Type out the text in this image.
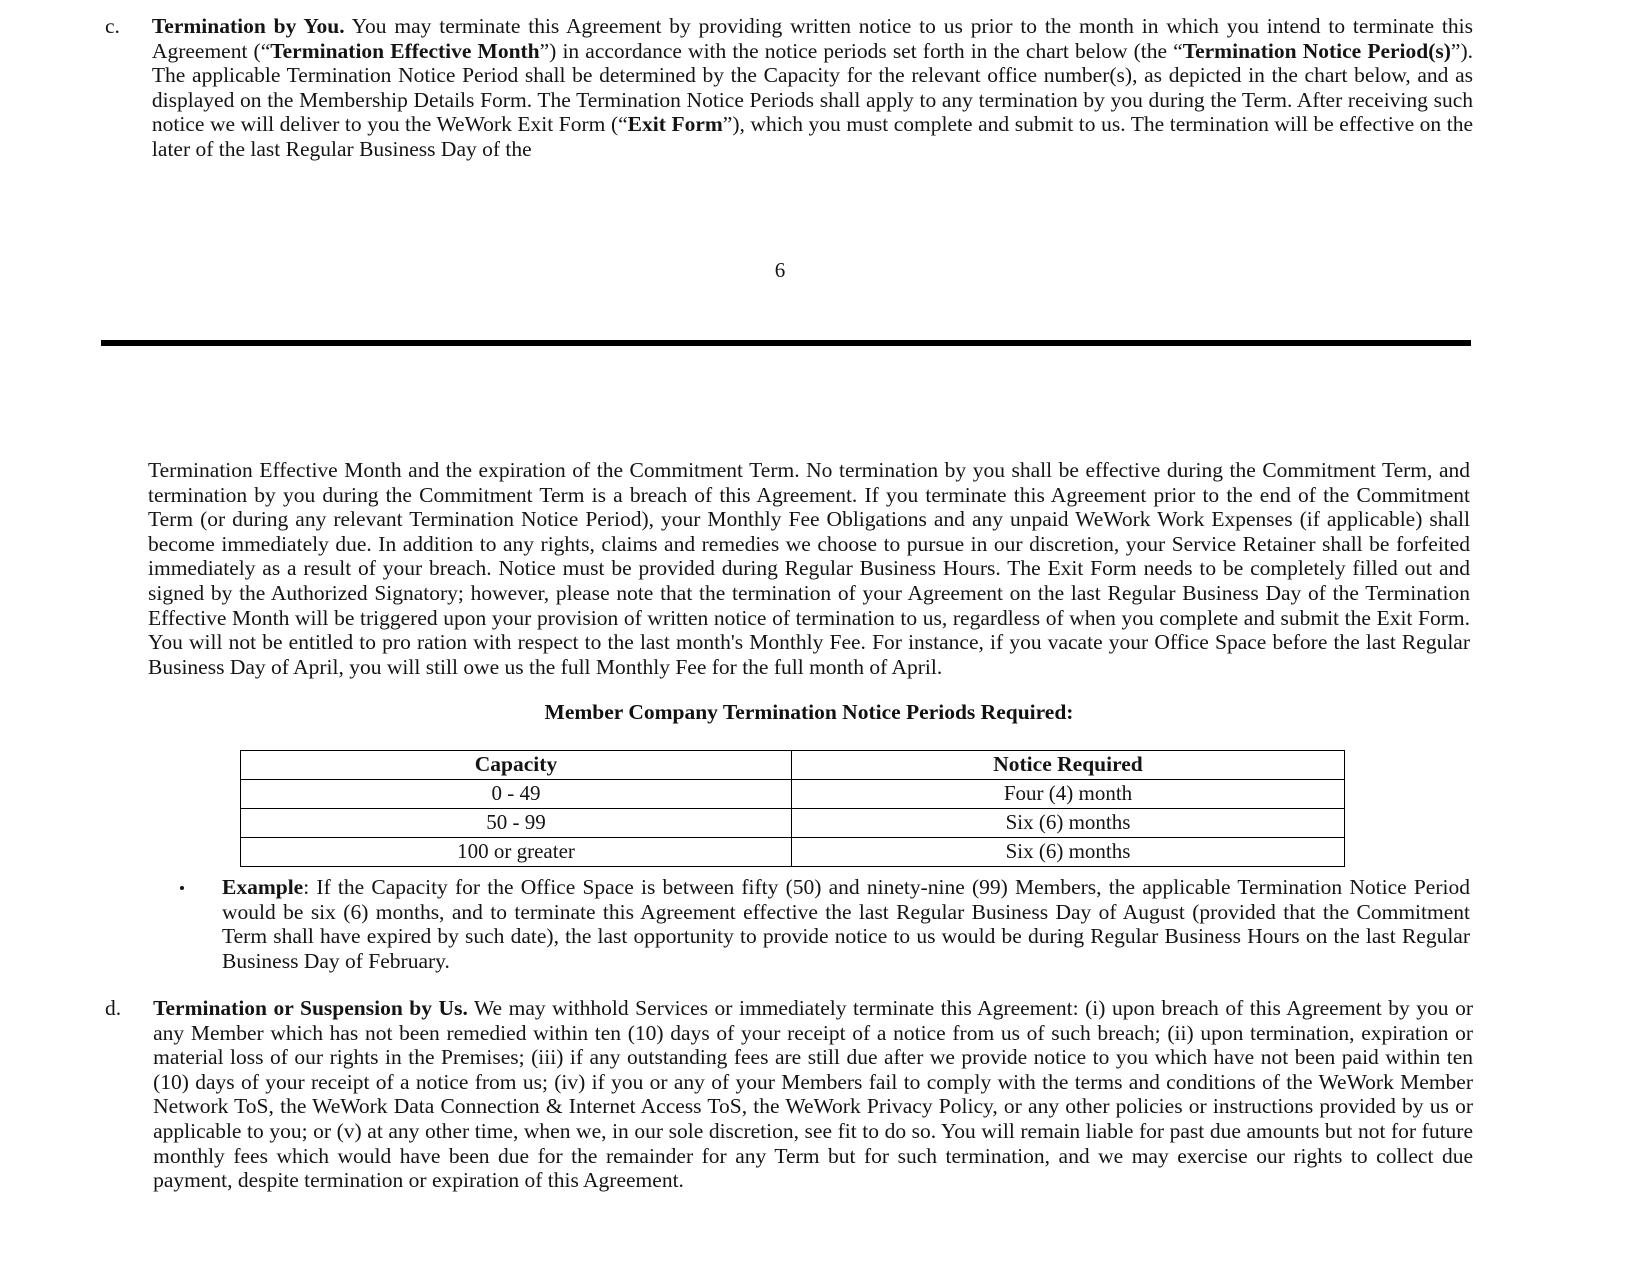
c. Termination by You. You may terminate this Agreement by providing written notice to us prior to the month in which you intend to terminate this Agreement (“Termination Effective Month”) in accordance with the notice periods set forth in the chart below (the “Termination Notice Period(s)”). The applicable Termination Notice Period shall be determined by the Capacity for the relevant office number(s), as depicted in the chart below, and as displayed on the Membership Details Form. The Termination Notice Periods shall apply to any termination by you during the Term. After receiving such notice we will deliver to you the WeWork Exit Form (“Exit Form”), which you must complete and submit to us. The termination will be effective on the later of the last Regular Business Day of the
6
Termination Effective Month and the expiration of the Commitment Term. No termination by you shall be effective during the Commitment Term, and termination by you during the Commitment Term is a breach of this Agreement. If you terminate this Agreement prior to the end of the Commitment Term (or during any relevant Termination Notice Period), your Monthly Fee Obligations and any unpaid WeWork Work Expenses (if applicable) shall become immediately due. In addition to any rights, claims and remedies we choose to pursue in our discretion, your Service Retainer shall be forfeited immediately as a result of your breach. Notice must be provided during Regular Business Hours. The Exit Form needs to be completely filled out and signed by the Authorized Signatory; however, please note that the termination of your Agreement on the last Regular Business Day of the Termination Effective Month will be triggered upon your provision of written notice of termination to us, regardless of when you complete and submit the Exit Form. You will not be entitled to pro ration with respect to the last month's Monthly Fee. For instance, if you vacate your Office Space before the last Regular Business Day of April, you will still owe us the full Monthly Fee for the full month of April.
Member Company Termination Notice Periods Required:
Capacity	Notice Required
0 - 49	Four (4) month
50 - 99	Six (6) months
100 or greater	Six (6) months
Example: If the Capacity for the Office Space is between fifty (50) and ninety-nine (99) Members, the applicable Termination Notice Period would be six (6) months, and to terminate this Agreement effective the last Regular Business Day of August (provided that the Commitment Term shall have expired by such date), the last opportunity to provide notice to us would be during Regular Business Hours on the last Regular Business Day of February.
d. Termination or Suspension by Us. We may withhold Services or immediately terminate this Agreement: (i) upon breach of this Agreement by you or any Member which has not been remedied within ten (10) days of your receipt of a notice from us of such breach; (ii) upon termination, expiration or material loss of our rights in the Premises; (iii) if any outstanding fees are still due after we provide notice to you which have not been paid within ten (10) days of your receipt of a notice from us; (iv) if you or any of your Members fail to comply with the terms and conditions of the WeWork Member Network ToS, the WeWork Data Connection & Internet Access ToS, the WeWork Privacy Policy, or any other policies or instructions provided by us or applicable to you; or (v) at any other time, when we, in our sole discretion, see fit to do so. You will remain liable for past due amounts but not for future monthly fees which would have been due for the remainder for any Term but for such termination, and we may exercise our rights to collect due payment, despite termination or expiration of this Agreement.
